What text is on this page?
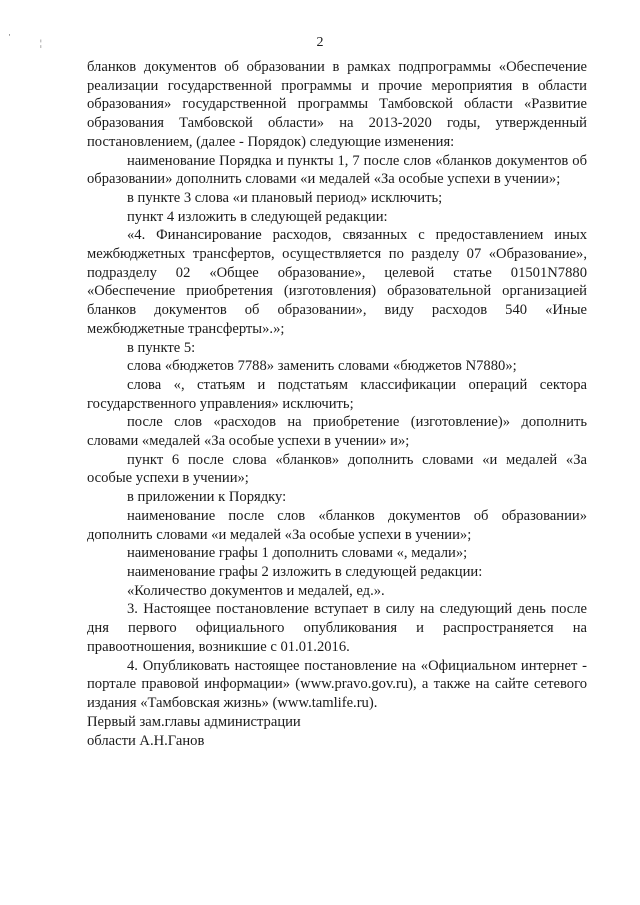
·
¦	2

бланков документов об образовании в рамках подпрограммы «Обеспечение реализации государственной программы и прочие мероприятия в области образования» государственной программы Тамбовской области «Развитие образования Тамбовской области» на 2013-2020 годы, утвержденный постановлением, (далее - Порядок) следующие изменения:

наименование Порядка и пункты 1, 7 после слов «бланков документов об образовании» дополнить словами «и медалей «За особые успехи в учении»;

в пункте 3 слова «и плановый период» исключить;

пункт 4 изложить в следующей редакции:

«4. Финансирование расходов, связанных с предоставлением иных межбюджетных трансфертов, осуществляется по разделу 07 «Образование», подразделу 02 «Общее образование», целевой статье 01501N7880 «Обеспечение приобретения (изготовления) образовательной организацией бланков документов об образовании», виду расходов 540 «Иные межбюджетные трансферты».»;

в пункте 5:

слова «бюджетов 7788» заменить словами «бюджетов N7880»;

слова «, статьям и подстатьям классификации операций сектора государственного управления» исключить;

после слов «расходов на приобретение (изготовление)» дополнить словами «медалей «За особые успехи в учении» и»;

пункт 6 после слова «бланков» дополнить словами «и медалей «За особые успехи в учении»;

в приложении к Порядку:

наименование после слов «бланков документов об образовании» дополнить словами «и медалей «За особые успехи в учении»;

наименование графы 1 дополнить словами «, медали»;

наименование графы 2 изложить в следующей редакции:

«Количество документов и медалей, ед.».

3. Настоящее постановление вступает в силу на следующий день после дня первого официального опубликования и распространяется на правоотношения, возникшие с 01.01.2016.

4. Опубликовать настоящее постановление на «Официальном интернет - портале правовой информации» (www.pravo.gov.ru), а также на сайте сетевого издания «Тамбовская жизнь» (www.tamlife.ru).

Первый зам.главы администрации
области А.Н.Ганов
